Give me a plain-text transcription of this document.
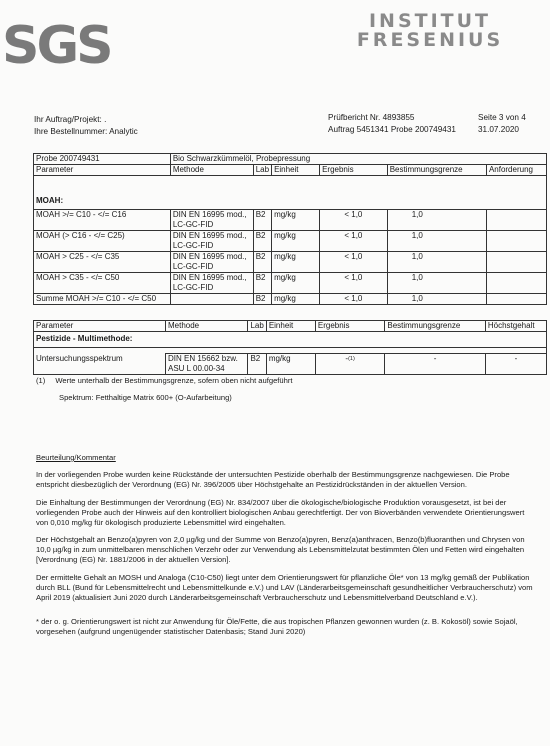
SGS	INSTITUT
FRESENIUS
Ihr Auftrag/Projekt: .
Ihre Bestellnummer: Analytic
Prüfbericht Nr. 4893855
Auftrag 5451341 Probe 200749431
Seite 3 von 4
31.07.2020
Probe 200749431	Bio Schwarzkümmelöl, Probepressung					
Parameter	Methode	Lab	Einheit	Ergebnis	Bestimmungsgrenze	Anforderung

MOAH:						
MOAH >/= C10 - </= C16	DIN EN 16995 mod.,
LC-GC-FID	B2	mg/kg	< 1,0	1,0	
MOAH (> C16 - </= C25)	DIN EN 16995 mod.,
LC-GC-FID	B2	mg/kg	< 1,0	1,0	
MOAH > C25 - </= C35	DIN EN 16995 mod.,
LC-GC-FID	B2	mg/kg	< 1,0	1,0	
MOAH > C35 - </= C50	DIN EN 16995 mod.,
LC-GC-FID	B2	mg/kg	< 1,0	1,0	
Summe MOAH >/= C10 - </= C50		B2	mg/kg	< 1,0	1,0	
Parameter	Methode	Lab	Einheit	Ergebnis	Bestimmungsgrenze	Höchstgehalt
Pestizide - Multimethode:						

Untersuchungsspektrum	DIN EN 15662 bzw.
ASU L 00.00-34	B2	mg/kg	-$^{(1)}$	-	-
(1) Werte unterhalb der Bestimmungsgrenze, sofern oben nicht aufgeführt
Spektrum: Fetthaltige Matrix 600+ (O-Aufarbeitung)
Beurteilung/Kommentar
In der vorliegenden Probe wurden keine Rückstände der untersuchten Pestizide oberhalb der Bestimmungsgrenze nachgewiesen. Die Probe entspricht diesbezüglich der Verordnung (EG) Nr. 396/2005 über Höchstgehalte an Pestizidrückständen in der aktuellen Version.
Die Einhaltung der Bestimmungen der Verordnung (EG) Nr. 834/2007 über die ökologische/biologische Produktion vorausgesetzt, ist bei der vorliegenden Probe auch der Hinweis auf den kontrolliert biologischen Anbau gerechtfertigt. Der von Bioverbänden verwendete Orientierungswert von 0,010 mg/kg für ökologisch produzierte Lebensmittel wird eingehalten.
Der Höchstgehalt an Benzo(a)pyren von 2,0 µg/kg und der Summe von Benzo(a)pyren, Benz(a)anthracen, Benzo(b)fluoranthen und Chrysen von 10,0 µg/kg in zum unmittelbaren menschlichen Verzehr oder zur Verwendung als Lebensmittelzutat bestimmten Ölen und Fetten wird eingehalten [Verordnung (EG) Nr. 1881/2006 in der aktuellen Version].
Der ermittelte Gehalt an MOSH und Analoga (C10-C50) liegt unter dem Orientierungswert für pflanzliche Öle* von 13 mg/kg gemäß der Publikation durch BLL (Bund für Lebensmittelrecht und Lebensmittelkunde e.V.) und LAV (Länderarbeitsgemeinschaft gesundheitlicher Verbraucherschutz) vom April 2019 (aktualisiert Juni 2020 durch Länderarbeitsgemeinschaft Verbraucherschutz und Lebensmittelverband Deutschland e.V.).
* der o. g. Orientierungswert ist nicht zur Anwendung für Öle/Fette, die aus tropischen Pflanzen gewonnen wurden (z. B. Kokosöl) sowie Sojaöl, vorgesehen (aufgrund ungenügender statistischer Datenbasis; Stand Juni 2020)
